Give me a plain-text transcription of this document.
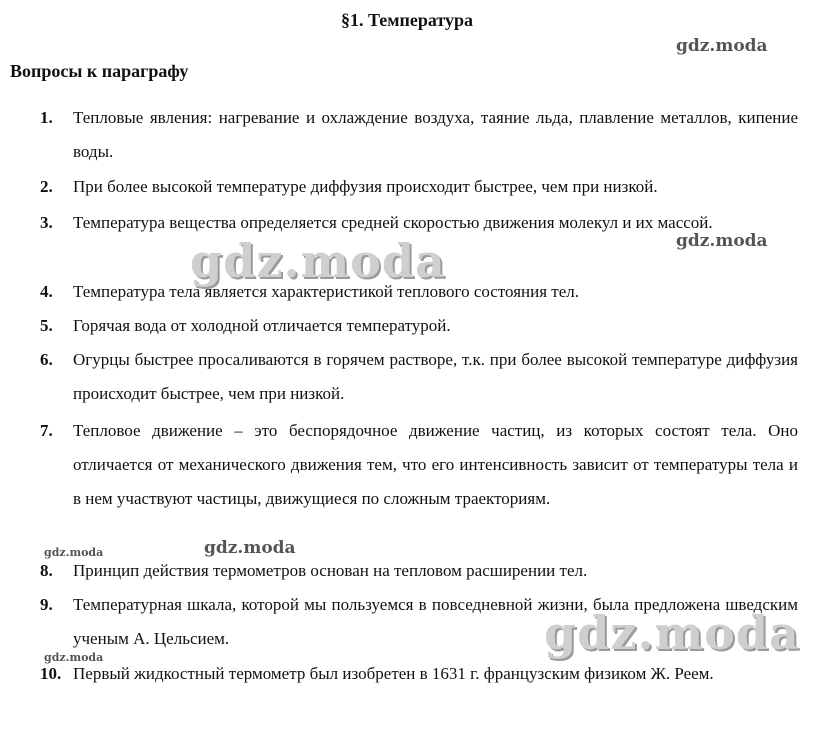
§1. Температура
gdz.moda
Вопросы к параграфу
1.	Тепловые явления: нагревание и охлаждение воздуха, таяние льда, плавление металлов, кипение воды.
2.	При более высокой температуре диффузия происходит быстрее, чем при низкой.
3.	Температура вещества определяется средней скоростью движения молекул и их массой.
4.	Температура тела является характеристикой теплового состояния тел.
5.	Горячая вода от холодной отличается температурой.
6.	Огурцы быстрее просаливаются в горячем растворе, т.к. при более высокой температуре диффузия происходит быстрее, чем при низкой.
7.	Тепловое движение – это беспорядочное движение частиц, из которых состоят тела. Оно отличается от механического движения тем, что его интенсивность зависит от температуры тела и в нем участвуют частицы, движущиеся по сложным траекториям.
8.	Принцип действия термометров основан на тепловом расширении тел.
9.	Температурная шкала, которой мы пользуемся в повседневной жизни, была предложена шведским ученым А. Цельсием.
10. Первый жидкостный термометр был изобретен в 1631 г. французским физиком Ж. Реем.
gdz.moda
gdz.moda
gdz.moda	gdz.moda
gdz.moda
gdz.moda
